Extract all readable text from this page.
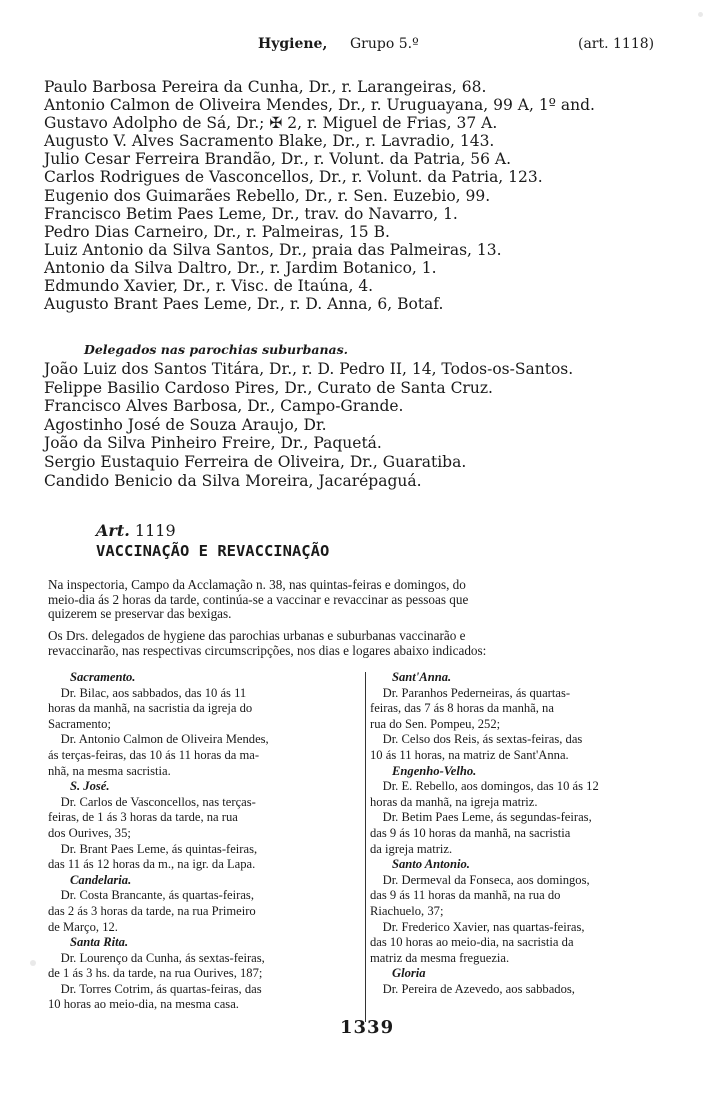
Hygiene, Grupo 5.º	(art. 1118)
Paulo Barbosa Pereira da Cunha, Dr., r. Larangeiras, 68.
Antonio Calmon de Oliveira Mendes, Dr., r. Uruguayana, 99 A, 1º and.
Gustavo Adolpho de Sá, Dr.; ✠ 2, r. Miguel de Frias, 37 A.
Augusto V. Alves Sacramento Blake, Dr., r. Lavradio, 143.
Julio Cesar Ferreira Brandão, Dr., r. Volunt. da Patria, 56 A.
Carlos Rodrigues de Vasconcellos, Dr., r. Volunt. da Patria, 123.
Eugenio dos Guimarães Rebello, Dr., r. Sen. Euzebio, 99.
Francisco Betim Paes Leme, Dr., trav. do Navarro, 1.
Pedro Dias Carneiro, Dr., r. Palmeiras, 15 B.
Luiz Antonio da Silva Santos, Dr., praia das Palmeiras, 13.
Antonio da Silva Daltro, Dr., r. Jardim Botanico, 1.
Edmundo Xavier, Dr., r. Visc. de Itaúna, 4.
Augusto Brant Paes Leme, Dr., r. D. Anna, 6, Botaf.
Delegados nas parochias suburbanas.
João Luiz dos Santos Titára, Dr., r. D. Pedro II, 14, Todos-os-Santos.
Felippe Basilio Cardoso Pires, Dr., Curato de Santa Cruz.
Francisco Alves Barbosa, Dr., Campo-Grande.
Agostinho José de Souza Araujo, Dr.
João da Silva Pinheiro Freire, Dr., Paquetá.
Sergio Eustaquio Ferreira de Oliveira, Dr., Guaratiba.
Candido Benicio da Silva Moreira, Jacarépaguá.
Art. 1119
VACCINAÇÃO E REVACCINAÇÃO
Na inspectoria, Campo da Acclamação n. 38, nas quintas-feiras e domingos, do
meio-dia ás 2 horas da tarde, continúa-se a vaccinar e revaccinar as pessoas que
quizerem se preservar das bexigas.
Os Drs. delegados de hygiene das parochias urbanas e suburbanas vaccinarão e
revaccinarão, nas respectivas circumscripções, nos dias e logares abaixo indicados:
Sacramento.
Dr. Bilac, aos sabbados, das 10 ás 11
horas da manhã, na sacristia da igreja do
Sacramento;
Dr. Antonio Calmon de Oliveira Mendes,
ás terças-feiras, das 10 ás 11 horas da ma-
nhã, na mesma sacristia.
S. José.
Dr. Carlos de Vasconcellos, nas terças-
feiras, de 1 ás 3 horas da tarde, na rua
dos Ourives, 35;
Dr. Brant Paes Leme, ás quintas-feiras,
das 11 ás 12 horas da m., na igr. da Lapa.
Candelaria.
Dr. Costa Brancante, ás quartas-feiras,
das 2 ás 3 horas da tarde, na rua Primeiro
de Março, 12.
Santa Rita.
Dr. Lourenço da Cunha, ás sextas-feiras,
de 1 ás 3 hs. da tarde, na rua Ourives, 187;
Dr. Torres Cotrim, ás quartas-feiras, das
10 horas ao meio-dia, na mesma casa.
Sant'Anna.
Dr. Paranhos Pederneiras, ás quartas-
feiras, das 7 ás 8 horas da manhã, na
rua do Sen. Pompeu, 252;
Dr. Celso dos Reis, ás sextas-feiras, das
10 ás 11 horas, na matriz de Sant'Anna.
Engenho-Velho.
Dr. E. Rebello, aos domingos, das 10 ás 12
horas da manhã, na igreja matriz.
Dr. Betim Paes Leme, ás segundas-feiras,
das 9 ás 10 horas da manhã, na sacristia
da igreja matriz.
Santo Antonio.
Dr. Dermeval da Fonseca, aos domingos,
das 9 ás 11 horas da manhã, na rua do
Riachuelo, 37;
Dr. Frederico Xavier, nas quartas-feiras,
das 10 horas ao meio-dia, na sacristia da
matriz da mesma freguezia.
Gloria
Dr. Pereira de Azevedo, aos sabbados,
1339
